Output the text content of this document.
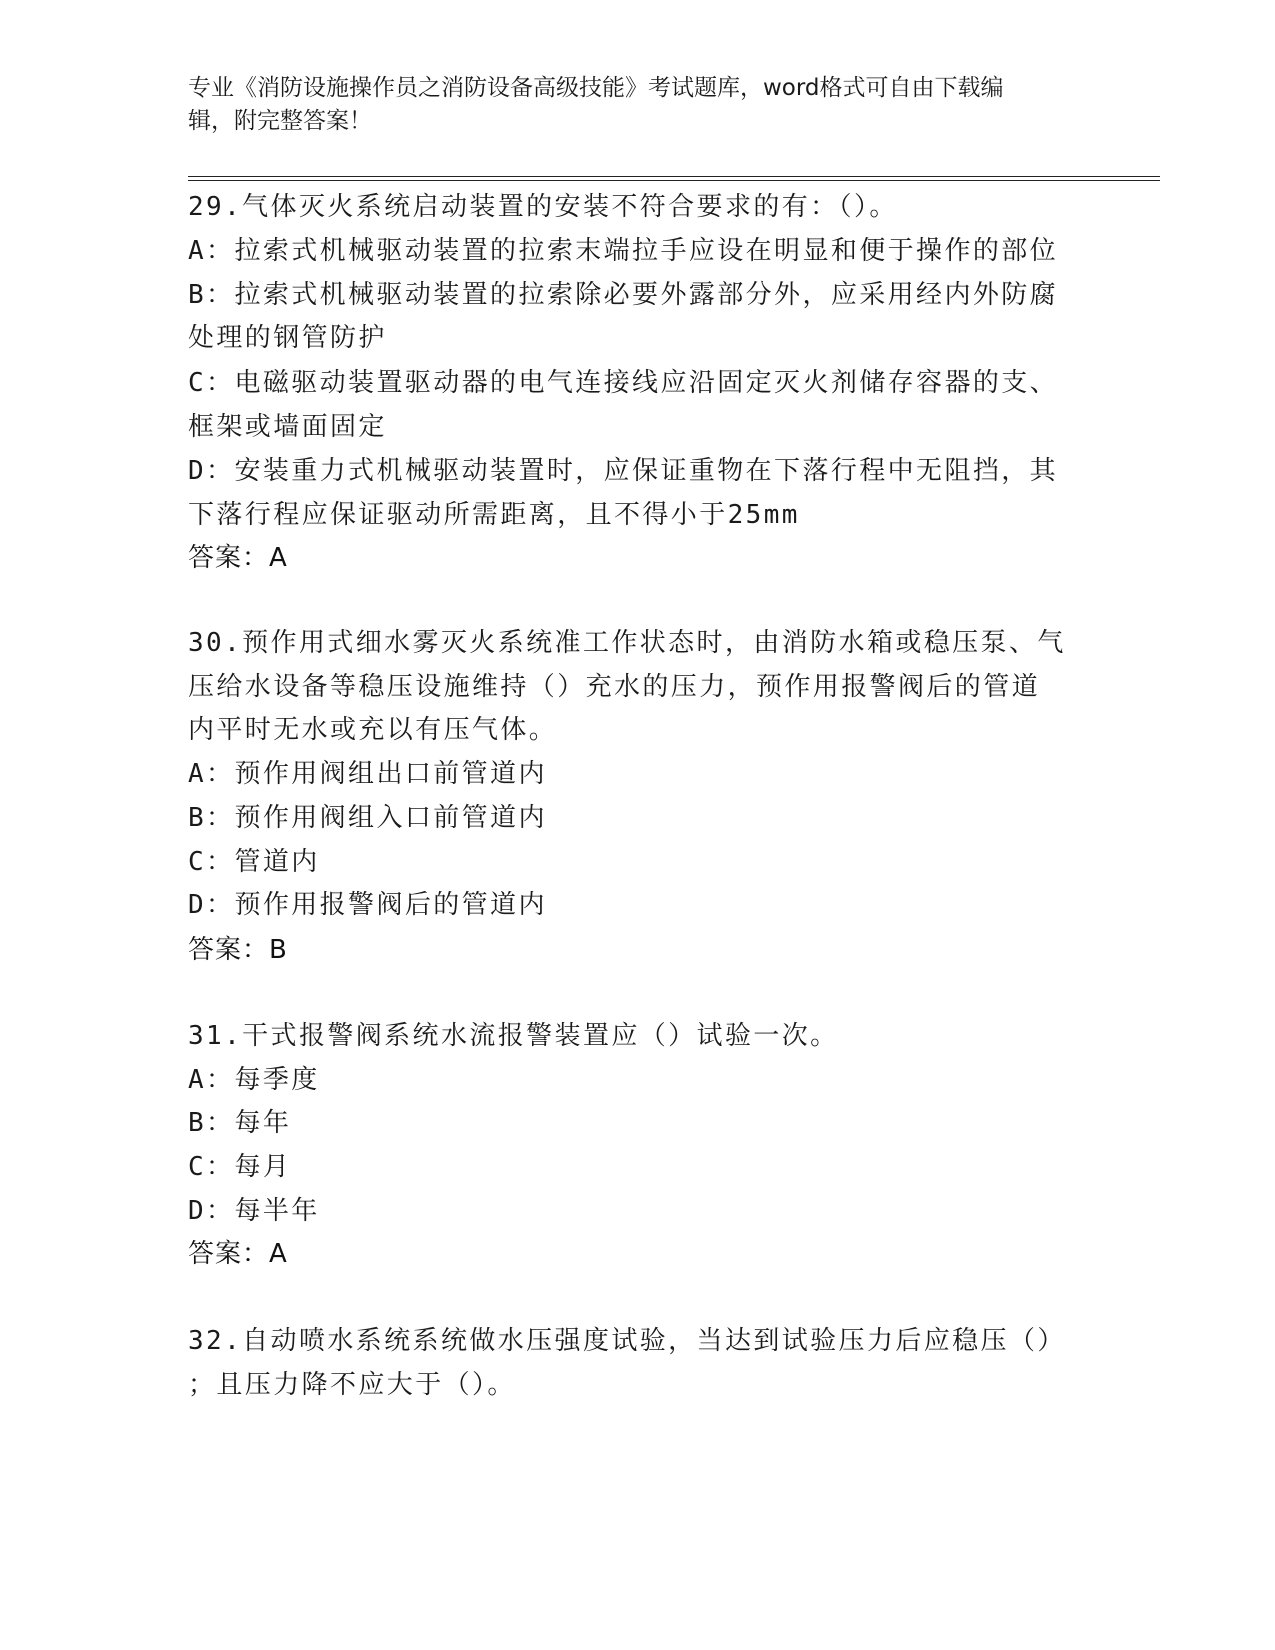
专业《消防设施操作员之消防设备高级技能》考试题库，word格式可自由下载编
辑，附完整答案！
29.气体灭火系统启动装置的安装不符合要求的有：（）。
A：拉索式机械驱动装置的拉索末端拉手应设在明显和便于操作的部位
B：拉索式机械驱动装置的拉索除必要外露部分外，应采用经内外防腐
处理的钢管防护
C：电磁驱动装置驱动器的电气连接线应沿固定灭火剂储存容器的支、
框架或墙面固定
D：安装重力式机械驱动装置时，应保证重物在下落行程中无阻挡，其
下落行程应保证驱动所需距离，且不得小于25mm
答案：A
30.预作用式细水雾灭火系统准工作状态时，由消防水箱或稳压泵、气
压给水设备等稳压设施维持（）充水的压力，预作用报警阀后的管道
内平时无水或充以有压气体。
A：预作用阀组出口前管道内
B：预作用阀组入口前管道内
C：管道内
D：预作用报警阀后的管道内
答案：B
31.干式报警阀系统水流报警装置应（）试验一次。
A：每季度
B：每年
C：每月
D：每半年
答案：A
32.自动喷水系统系统做水压强度试验，当达到试验压力后应稳压（）
；且压力降不应大于（）。
